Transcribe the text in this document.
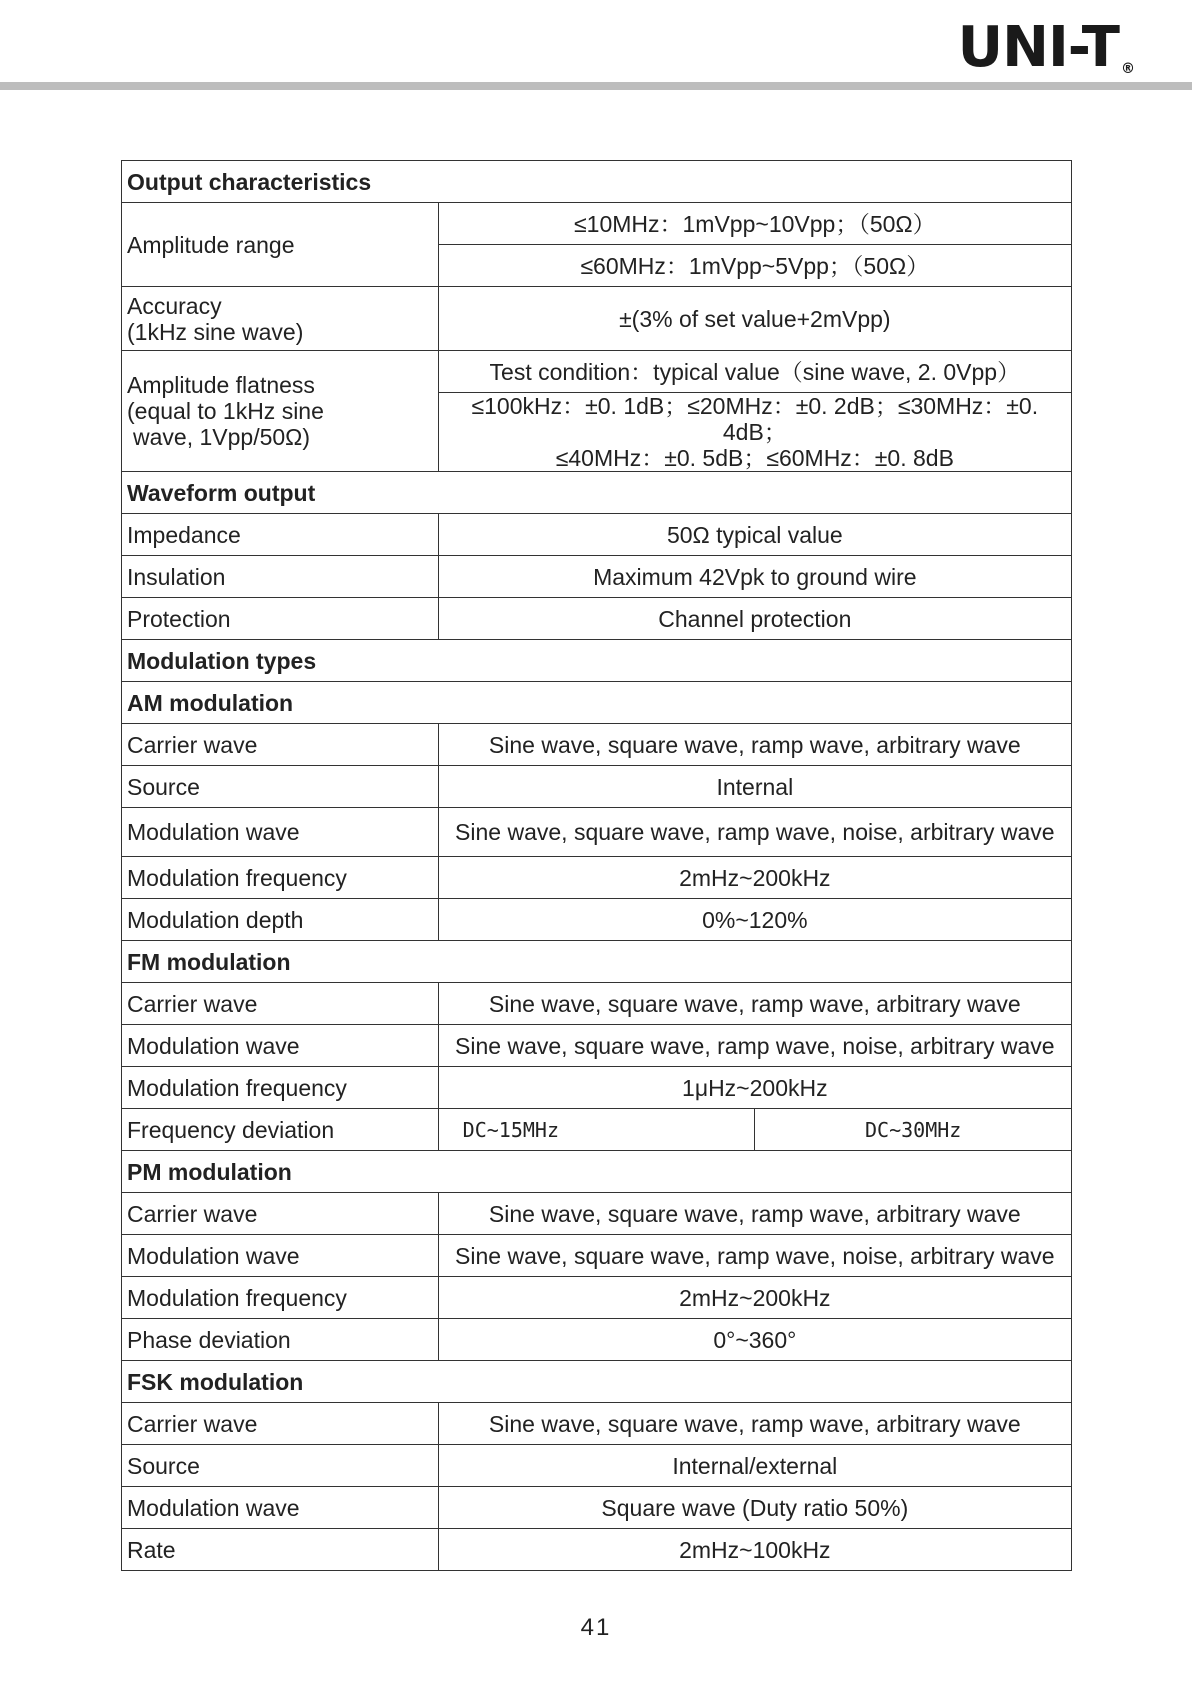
UNI-T ®
Output characteristics		
Amplitude range	≤10MHz：1mVpp~10Vpp；（50Ω）	
	≤60MHz：1mVpp~5Vpp；（50Ω）	

Accuracy
(1kHz sine wave)	±(3% of set value+2mVpp)	

Amplitude flatness
(equal to 1kHz sine
wave, 1Vpp/50Ω)	Test condition：typical value（sine wave, 2. 0Vpp）	

	≤100kHz：±0. 1dB；≤20MHz：±0. 2dB；≤30MHz：±0. 4dB；
≤40MHz：±0. 5dB；≤60MHz：±0. 8dB	

Waveform output		
Impedance	50Ω typical value	
Insulation	Maximum 42Vpk to ground wire	
Protection	Channel protection	
Modulation types		
AM modulation		
Carrier wave	Sine wave, square wave, ramp wave, arbitrary wave	
Source	Internal	
Modulation wave	Sine wave, square wave, ramp wave, noise, arbitrary wave	
Modulation frequency	2mHz~200kHz	
Modulation depth	0%~120%	
FM modulation		
Carrier wave	Sine wave, square wave, ramp wave, arbitrary wave	
Modulation wave	Sine wave, square wave, ramp wave, noise, arbitrary wave	
Modulation frequency	1μHz~200kHz	
Frequency deviation	DC~15MHz	DC~30MHz
PM modulation		
Carrier wave	Sine wave, square wave, ramp wave, arbitrary wave	
Modulation wave	Sine wave, square wave, ramp wave, noise, arbitrary wave	
Modulation frequency	2mHz~200kHz	
Phase deviation	0°~360°	
FSK modulation		
Carrier wave	Sine wave, square wave, ramp wave, arbitrary wave	
Source	Internal/external	
Modulation wave	Square wave (Duty ratio 50%)	
Rate	2mHz~100kHz	
41
